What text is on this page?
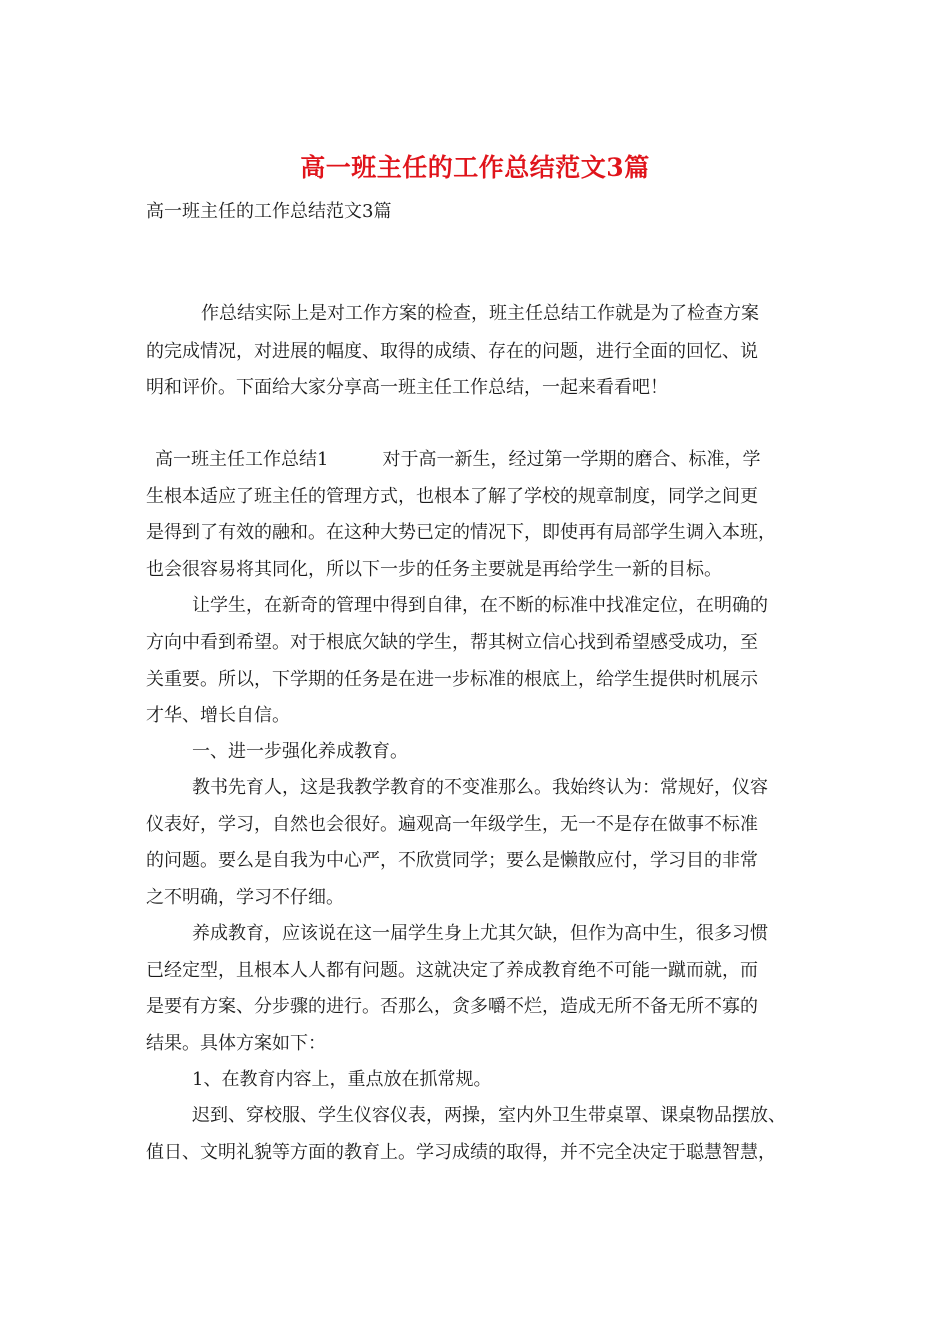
高一班主任的工作总结范文3篇
高一班主任的工作总结范文3篇
作总结实际上是对工作方案的检查，班主任总结工作就是为了检查方案
的完成情况，对进展的幅度、取得的成绩、存在的问题，进行全面的回忆、说
明和评价。下面给大家分享高一班主任工作总结，一起来看看吧！
高一班主任工作总结1　　　对于高一新生，经过第一学期的磨合、标准，学
生根本适应了班主任的管理方式，也根本了解了学校的规章制度，同学之间更
是得到了有效的融和。在这种大势已定的情况下，即使再有局部学生调入本班，
也会很容易将其同化，所以下一步的任务主要就是再给学生一新的目标。
让学生，在新奇的管理中得到自律，在不断的标准中找准定位，在明确的
方向中看到希望。对于根底欠缺的学生，帮其树立信心找到希望感受成功，至
关重要。所以，下学期的任务是在进一步标准的根底上，给学生提供时机展示
才华、增长自信。
一、进一步强化养成教育。
教书先育人，这是我教学教育的不变准那么。我始终认为：常规好，仪容
仪表好，学习，自然也会很好。遍观高一年级学生，无一不是存在做事不标准
的问题。要么是自我为中心严，不欣赏同学；要么是懒散应付，学习目的非常
之不明确，学习不仔细。
养成教育，应该说在这一届学生身上尤其欠缺，但作为高中生，很多习惯
已经定型，且根本人人都有问题。这就决定了养成教育绝不可能一蹴而就，而
是要有方案、分步骤的进行。否那么，贪多嚼不烂，造成无所不备无所不寡的
结果。具体方案如下：
1、在教育内容上，重点放在抓常规。
迟到、穿校服、学生仪容仪表，两操，室内外卫生带桌罩、课桌物品摆放、
值日、文明礼貌等方面的教育上。学习成绩的取得，并不完全决定于聪慧智慧，
